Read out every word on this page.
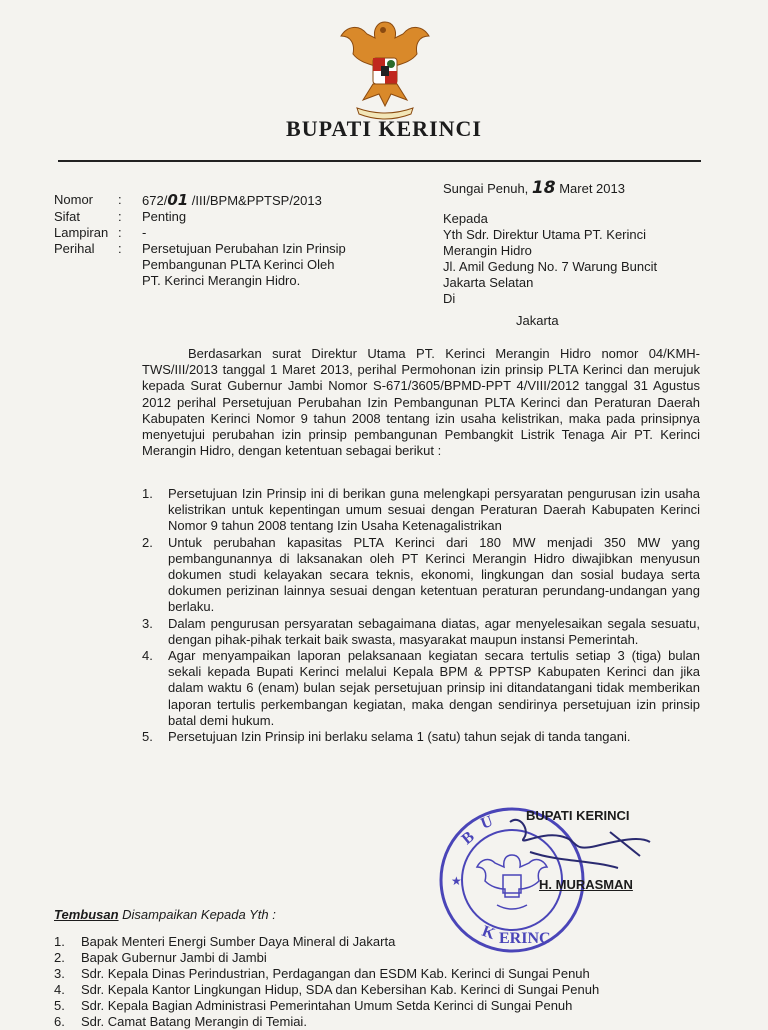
BUPATI KERINCI
Nomor	:	672/01 /III/BPM&PPTSP/2013
Sifat	:	Penting
Lampiran :	-
Perihal	:	Persetujuan Perubahan Izin Prinsip
Pembangunan PLTA Kerinci Oleh
PT. Kerinci Merangin Hidro.
Sungai Penuh, 18 Maret 2013
Kepada
Yth Sdr. Direktur Utama PT. Kerinci
Merangin Hidro
Jl. Amil Gedung No. 7 Warung Buncit
Jakarta Selatan
Di
Jakarta
Berdasarkan surat Direktur Utama PT. Kerinci Merangin Hidro nomor 04/KMH-TWS/III/2013 tanggal 1 Maret 2013, perihal Permohonan izin prinsip PLTA Kerinci dan merujuk kepada Surat Gubernur Jambi Nomor S-671/3605/BPMD-PPT 4/VIII/2012 tanggal 31 Agustus 2012 perihal Persetujuan Perubahan Izin Pembangunan PLTA Kerinci dan Peraturan Daerah Kabupaten Kerinci Nomor 9 tahun 2008 tentang izin usaha kelistrikan, maka pada prinsipnya menyetujui perubahan izin prinsip pembangunan Pembangkit Listrik Tenaga Air PT. Kerinci Merangin Hidro, dengan ketentuan sebagai berikut :
1.	Persetujuan Izin Prinsip ini di berikan guna melengkapi persyaratan pengurusan izin usaha kelistrikan untuk kepentingan umum sesuai dengan Peraturan Daerah Kabupaten Kerinci Nomor 9 tahun 2008 tentang Izin Usaha Ketenagalistrikan
2.	Untuk perubahan kapasitas PLTA Kerinci dari 180 MW menjadi 350 MW yang pembangunannya di laksanakan oleh PT Kerinci Merangin Hidro diwajibkan menyusun dokumen studi kelayakan secara teknis, ekonomi, lingkungan dan sosial budaya serta dokumen perizinan lainnya sesuai dengan ketentuan peraturan perundang-undangan yang berlaku.
3.	Dalam pengurusan persyaratan sebagaimana diatas, agar menyelesaikan segala sesuatu, dengan pihak-pihak terkait baik swasta, masyarakat maupun instansi Pemerintah.
4.	Agar menyampaikan laporan pelaksanaan kegiatan secara tertulis setiap 3 (tiga) bulan sekali kepada Bupati Kerinci melalui Kepala BPM & PPTSP Kabupaten Kerinci dan jika dalam waktu 6 (enam) bulan sejak persetujuan prinsip ini ditandatangani tidak memberikan laporan tertulis perkembangan kegiatan, maka dengan sendirinya persetujuan izin prinsip batal demi hukum.
5.	Persetujuan Izin Prinsip ini berlaku selama 1 (satu) tahun sejak di tanda tangani.
B
U
K ERINC
★
BUPATI KERINCI
H. MURASMAN
Tembusan Disampaikan Kepada Yth :
1.	Bapak Menteri Energi Sumber Daya Mineral di Jakarta
2.	Bapak Gubernur Jambi di Jambi
3.	Sdr. Kepala Dinas Perindustrian, Perdagangan dan ESDM Kab. Kerinci di Sungai Penuh
4.	Sdr. Kepala Kantor Lingkungan Hidup, SDA dan Kebersihan Kab. Kerinci di Sungai Penuh
5.	Sdr. Kepala Bagian Administrasi Pemerintahan Umum Setda Kerinci di Sungai Penuh
6.	Sdr. Camat Batang Merangin di Temiai.
